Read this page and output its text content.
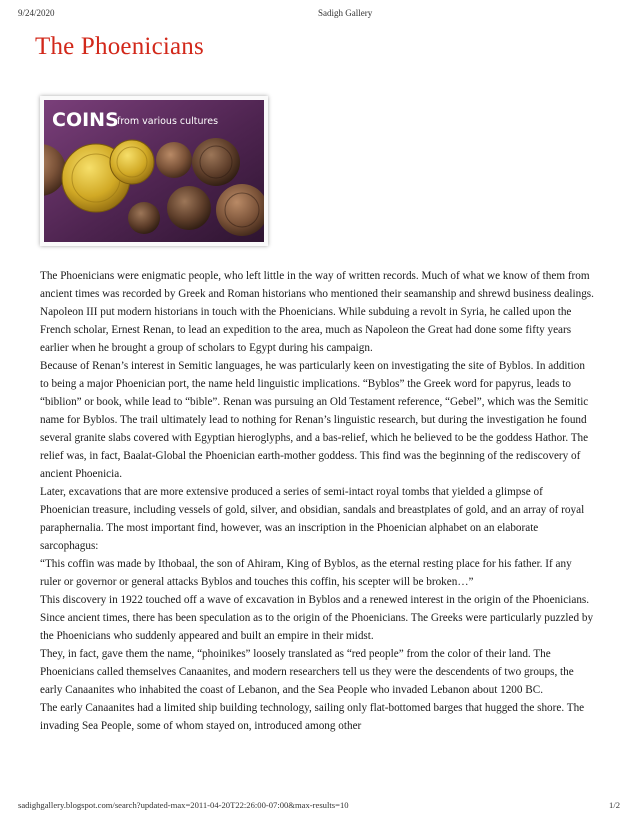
9/24/2020	Sadigh Gallery
The Phoenicians
COINS
from various cultures

The Phoenicians were enigmatic people, who left little in the way of written records. Much of what we know of them from ancient times was recorded by Greek and Roman historians who mentioned their seamanship and shrewd business dealings.

Napoleon III put modern historians in touch with the Phoenicians. While subduing a revolt in Syria, he called upon the French scholar, Ernest Renan, to lead an expedition to the area, much as Napoleon the Great had done some fifty years earlier when he brought a group of scholars to Egypt during his campaign.

Because of Renan’s interest in Semitic languages, he was particularly keen on investigating the site of Byblos. In addition to being a major Phoenician port, the name held linguistic implications. “Byblos” the Greek word for papyrus, leads to “biblion” or book, while lead to “bible”. Renan was pursuing an Old Testament reference, “Gebel”, which was the Semitic name for Byblos. The trail ultimately lead to nothing for Renan’s linguistic research, but during the investigation he found several granite slabs covered with Egyptian hieroglyphs, and a bas-relief, which he believed to be the goddess Hathor. The relief was, in fact, Baalat-Global the Phoenician earth-mother goddess. This find was the beginning of the rediscovery of ancient Phoenicia.

Later, excavations that are more extensive produced a series of semi-intact royal tombs that yielded a glimpse of Phoenician treasure, including vessels of gold, silver, and obsidian, sandals and breastplates of gold, and an array of royal paraphernalia. The most important find, however, was an inscription in the Phoenician alphabet on an elaborate sarcophagus:

“This coffin was made by Ithobaal, the son of Ahiram, King of Byblos, as the eternal resting place for his father. If any ruler or governor or general attacks Byblos and touches this coffin, his scepter will be broken…”

This discovery in 1922 touched off a wave of excavation in Byblos and a renewed interest in the origin of the Phoenicians. Since ancient times, there has been speculation as to the origin of the Phoenicians. The Greeks were particularly puzzled by the Phoenicians who suddenly appeared and built an empire in their midst.

They, in fact, gave them the name, “phoinikes” loosely translated as “red people” from the color of their land. The Phoenicians called themselves Canaanites, and modern researchers tell us they were the descendents of two groups, the early Canaanites who inhabited the coast of Lebanon, and the Sea People who invaded Lebanon about 1200 BC.

The early Canaanites had a limited ship building technology, sailing only flat-bottomed barges that hugged the shore. The invading Sea People, some of whom stayed on, introduced among other

sadighgallery.blogspot.com/search?updated-max=2011-04-20T22:26:00-07:00&max-results=10	1/2
